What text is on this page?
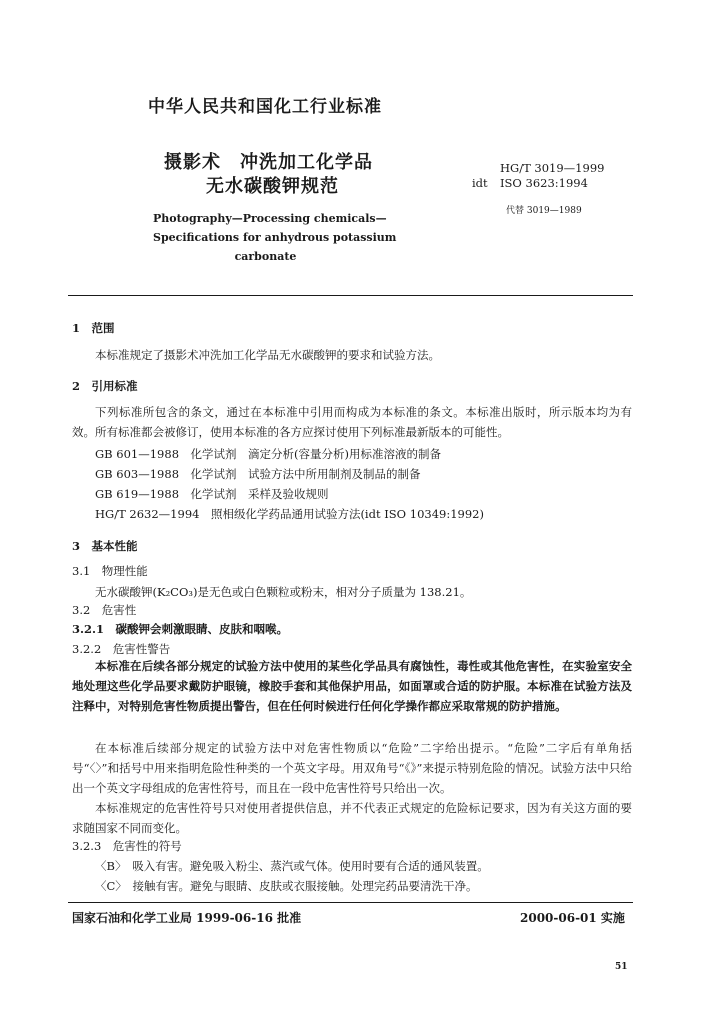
中华人民共和国化工行业标准
摄影术　冲洗加工化学品
无水碳酸钾规范
Photography—Processing chemicals—
Specifications for anhydrous potassium
carbonate
HG/T 3019—1999
idt ISO 3623:1994
代替 3019—1989
1　范围
本标准规定了摄影术冲洗加工化学品无水碳酸钾的要求和试验方法。
2　引用标准
下列标准所包含的条文，通过在本标准中引用而构成为本标准的条文。本标准出版时，所示版本均为有效。所有标准都会被修订，使用本标准的各方应探讨使用下列标准最新版本的可能性。
GB 601—1988　化学试剂　滴定分析(容量分析)用标准溶液的制备
GB 603—1988　化学试剂　试验方法中所用制剂及制品的制备
GB 619—1988　化学试剂　采样及验收规则
HG/T 2632—1994　照相级化学药品通用试验方法(idt ISO 10349:1992)
3　基本性能
3.1　物理性能
无水碳酸钾(K₂CO₃)是无色或白色颗粒或粉末，相对分子质量为 138.21。
3.2　危害性
3.2.1　碳酸钾会刺激眼睛、皮肤和咽喉。
3.2.2　危害性警告
本标准在后续各部分规定的试验方法中使用的某些化学品具有腐蚀性，毒性或其他危害性，在实验室安全地处理这些化学品要求戴防护眼镜，橡胶手套和其他保护用品，如面罩或合适的防护服。本标准在试验方法及注释中，对特别危害性物质提出警告，但在任何时候进行任何化学操作都应采取常规的防护措施。
在本标准后续部分规定的试验方法中对危害性物质以“危险”二字给出提示。“危险”二字后有单角括号“〈〉”和括号中用来指明危险性种类的一个英文字母。用双角号“《》”来提示特别危险的情况。试验方法中只给出一个英文字母组成的危害性符号，而且在一段中危害性符号只给出一次。
本标准规定的危害性符号只对使用者提供信息，并不代表正式规定的危险标记要求，因为有关这方面的要求随国家不同而变化。
3.2.3　危害性的符号
〈B〉　吸入有害。避免吸入粉尘、蒸汽或气体。使用时要有合适的通风装置。
〈C〉　接触有害。避免与眼睛、皮肤或衣服接触。处理完药品要清洗干净。
国家石油和化学工业局 1999-06-16 批准	2000-06-01 实施
51
